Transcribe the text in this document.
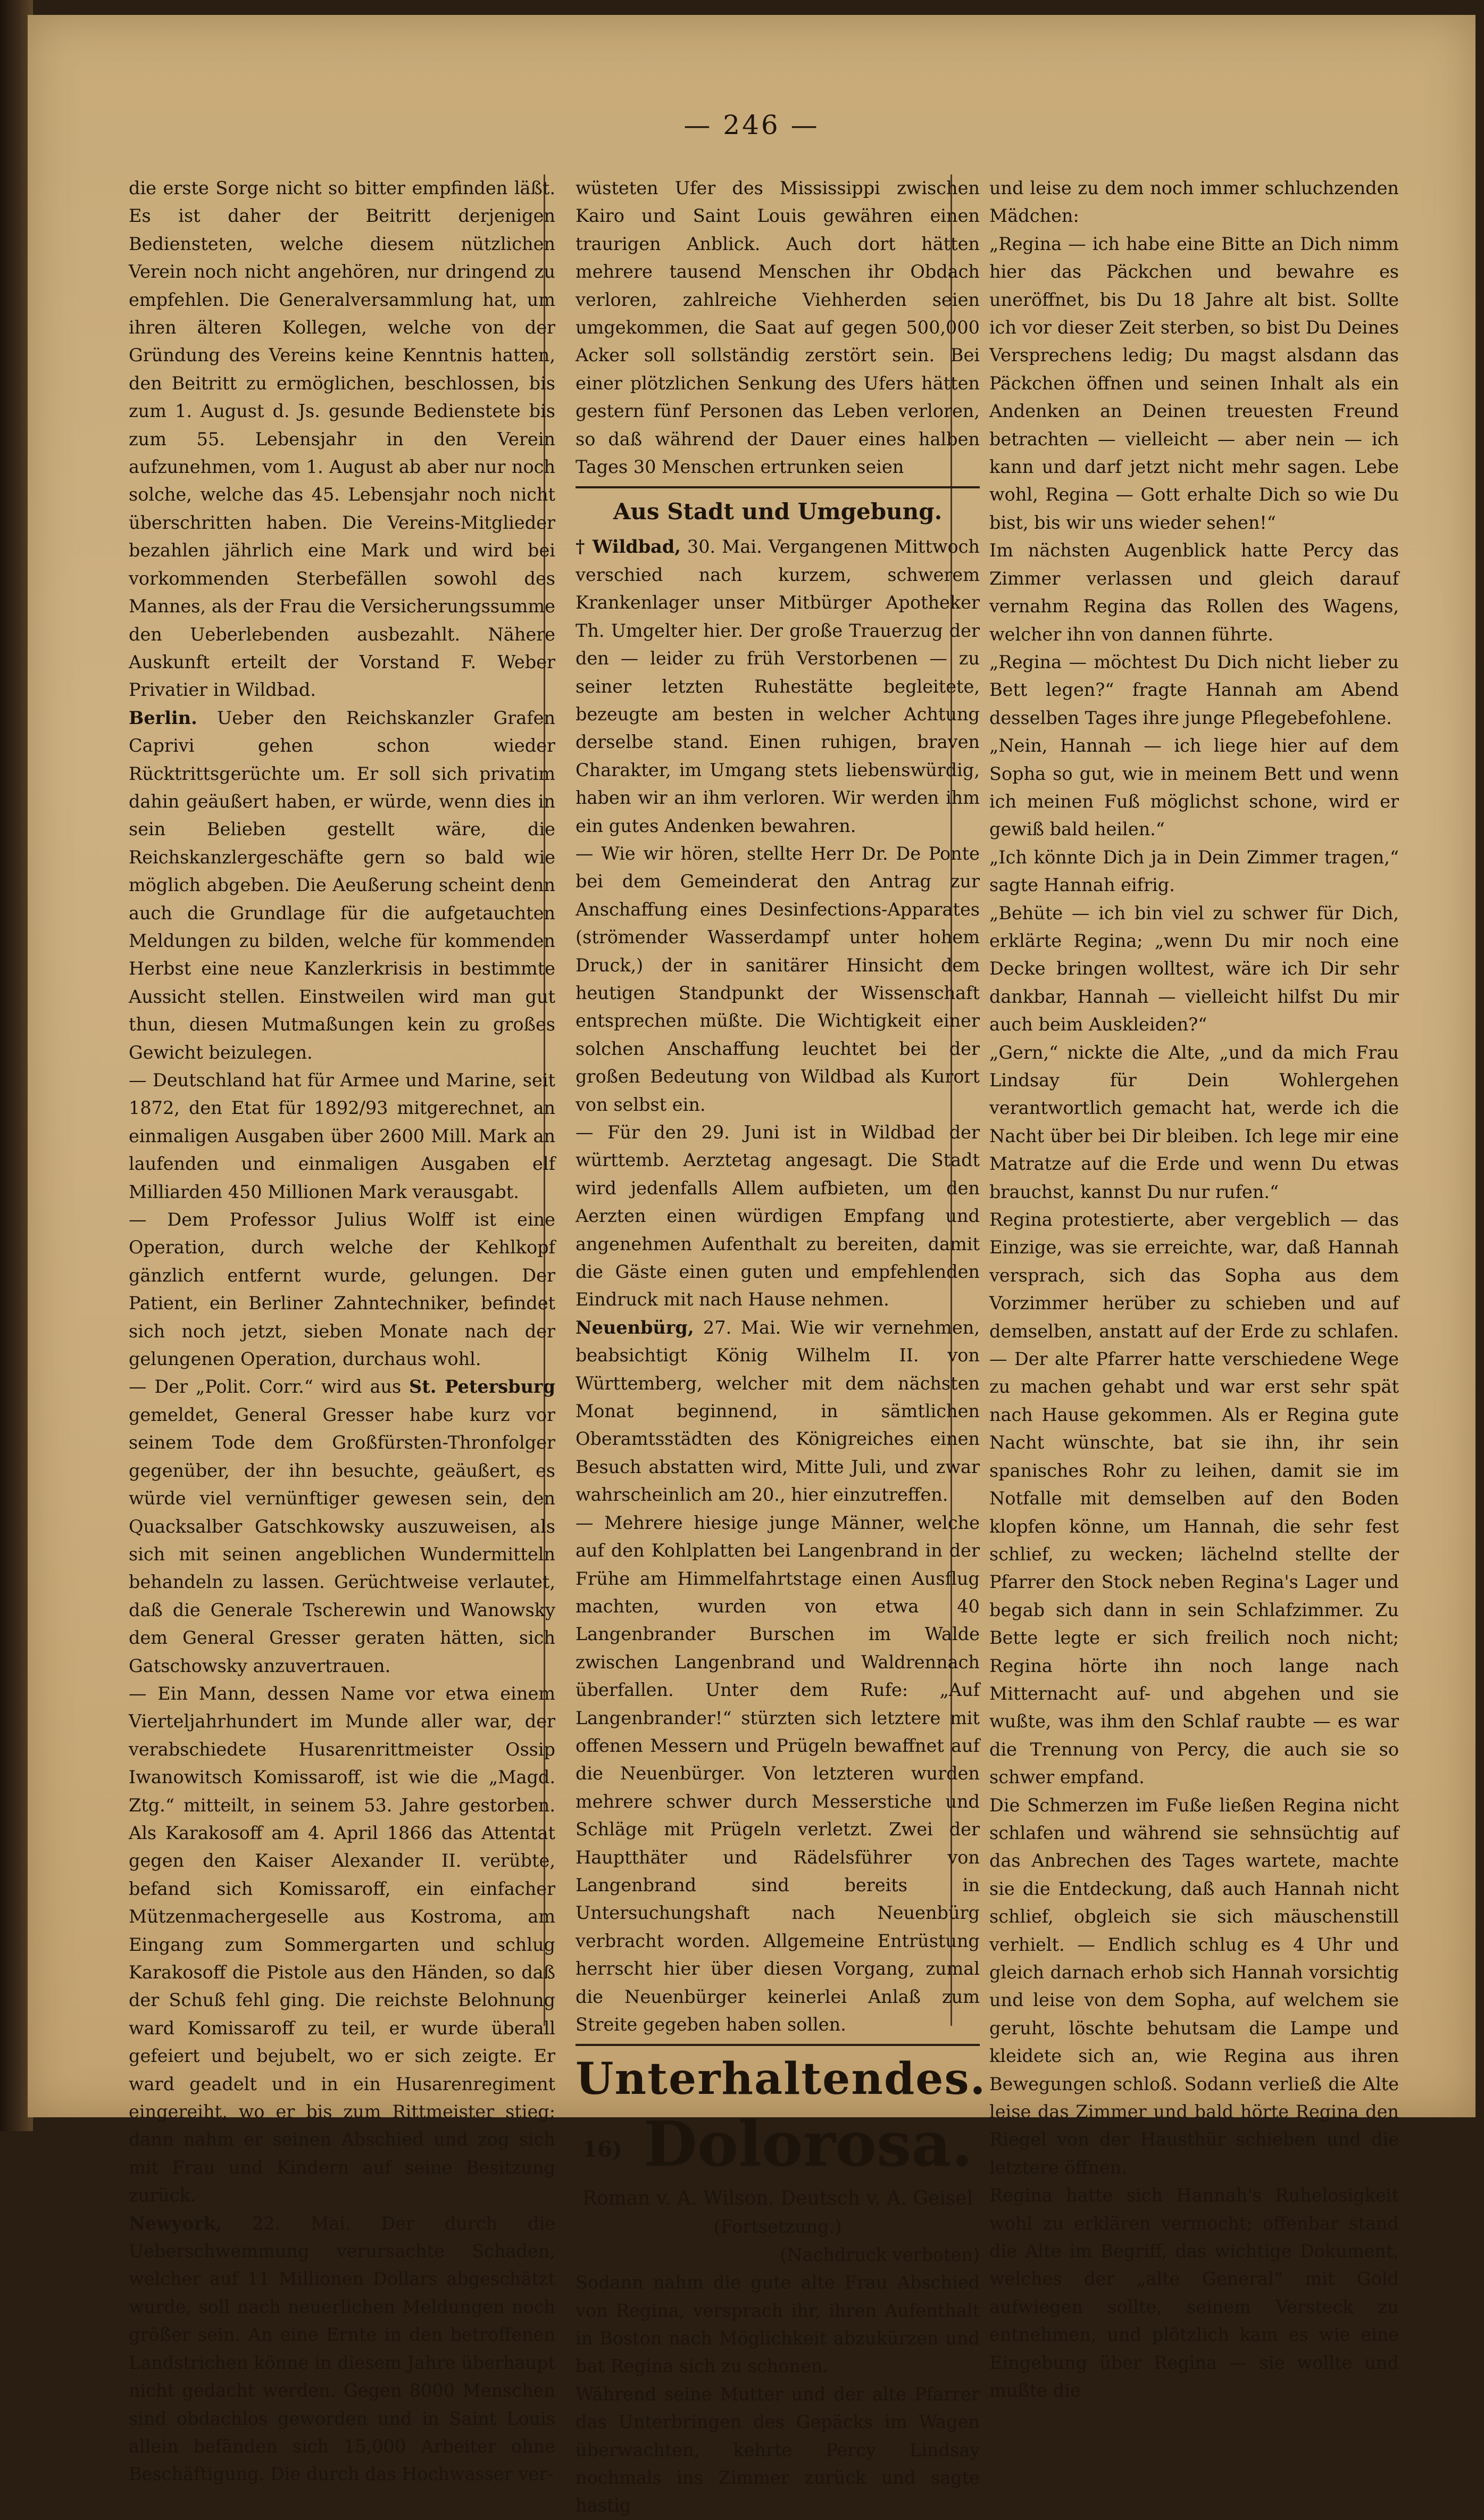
— 246 —

die erste Sorge nicht so bitter empfinden läßt. Es ist daher der Beitritt derjenigen Bediensteten, welche diesem nützlichen Verein noch nicht angehören, nur dringend zu empfehlen. Die Generalversammlung hat, um ihren älteren Kollegen, welche von der Gründung des Vereins keine Kenntnis hatten, den Beitritt zu ermöglichen, beschlossen, bis zum 1. August d. Js. gesunde Bedienstete bis zum 55. Lebensjahr in den Verein aufzunehmen, vom 1. August ab aber nur noch solche, welche das 45. Lebensjahr noch nicht überschritten haben. Die Vereins-Mitglieder bezahlen jährlich eine Mark und wird bei vorkommenden Sterbefällen sowohl des Mannes, als der Frau die Versicherungssumme den Ueberlebenden ausbezahlt. Nähere Auskunft erteilt der Vorstand F. Weber Privatier in Wildbad.

Berlin. Ueber den Reichskanzler Grafen Caprivi gehen schon wieder Rücktrittsgerüchte um. Er soll sich privatim dahin geäußert haben, er würde, wenn dies in sein Belieben gestellt wäre, die Reichskanzlergeschäfte gern so bald wie möglich abgeben. Die Aeußerung scheint denn auch die Grundlage für die aufgetauchten Meldungen zu bilden, welche für kommenden Herbst eine neue Kanzlerkrisis in bestimmte Aussicht stellen. Einstweilen wird man gut thun, diesen Mutmaßungen kein zu großes Gewicht beizulegen.

— Deutschland hat für Armee und Marine, seit 1872, den Etat für 1892/93 mitgerechnet, an einmaligen Ausgaben über 2600 Mill. Mark an laufenden und einmaligen Ausgaben elf Milliarden 450 Millionen Mark verausgabt.

— Dem Professor Julius Wolff ist eine Operation, durch welche der Kehlkopf gänzlich entfernt wurde, gelungen. Der Patient, ein Berliner Zahntechniker, befindet sich noch jetzt, sieben Monate nach der gelungenen Operation, durchaus wohl.

— Der „Polit. Corr.“ wird aus St. Petersburg gemeldet, General Gresser habe kurz vor seinem Tode dem Großfürsten-Thronfolger gegenüber, der ihn besuchte, geäußert, es würde viel vernünftiger gewesen sein, den Quacksalber Gatschkowsky auszuweisen, als sich mit seinen angeblichen Wundermitteln behandeln zu lassen. Gerüchtweise verlautet, daß die Generale Tscherewin und Wanowsky dem General Gresser geraten hätten, sich Gatschowsky anzuvertrauen.

— Ein Mann, dessen Name vor etwa einem Vierteljahrhundert im Munde aller war, der verabschiedete Husarenrittmeister Ossip Iwanowitsch Komissaroff, ist wie die „Magd. Ztg.“ mitteilt, in seinem 53. Jahre gestorben. Als Karakosoff am 4. April 1866 das Attentat gegen den Kaiser Alexander II. verübte, befand sich Komissaroff, ein einfacher Mützenmachergeselle aus Kostroma, am Eingang zum Sommergarten und schlug Karakosoff die Pistole aus den Händen, so daß der Schuß fehl ging. Die reichste Belohnung ward Komissaroff zu teil, er wurde überall gefeiert und bejubelt, wo er sich zeigte. Er ward geadelt und in ein Husarenregiment eingereiht, wo er bis zum Rittmeister stieg; dann nahm er seinen Abschied und zog sich mit Frau und Kindern auf seine Besitzung zurück.

Newyork, 22. Mai. Der durch die Ueberschwemmung verursachte Schaden, welcher auf 11 Millionen Dollars abgeschätzt wurde, soll nach neuerlichen Meldungen noch größer sein. An eine Ernte in den betroffenen Landstrichen könne in diesem Jahre überhaupt nicht gedacht werden. Gegen 8000 Menschen sind obdachlos geworden und in Saint Louis allein befänden sich 15,000 Arbeiter ohne Beschäftigung. Die durch das Hochwasser ver-

wüsteten Ufer des Mississippi zwischen Kairo und Saint Louis gewähren einen traurigen Anblick. Auch dort hätten mehrere tausend Menschen ihr Obdach verloren, zahlreiche Viehherden seien umgekommen, die Saat auf gegen 500,000 Acker soll sollständig zerstört sein. Bei einer plötzlichen Senkung des Ufers hätten gestern fünf Personen das Leben verloren, so daß während der Dauer eines halben Tages 30 Menschen ertrunken seien

Aus Stadt und Umgebung.

† Wildbad, 30. Mai. Vergangenen Mittwoch verschied nach kurzem, schwerem Krankenlager unser Mitbürger Apotheker Th. Umgelter hier. Der große Trauerzug der den — leider zu früh Verstorbenen — zu seiner letzten Ruhestätte begleitete, bezeugte am besten in welcher Achtung derselbe stand. Einen ruhigen, braven Charakter, im Umgang stets liebenswürdig, haben wir an ihm verloren. Wir werden ihm ein gutes Andenken bewahren.

— Wie wir hören, stellte Herr Dr. De Ponte bei dem Gemeinderat den Antrag zur Anschaffung eines Desinfections-Apparates (strömender Wasserdampf unter hohem Druck,) der in sanitärer Hinsicht dem heutigen Standpunkt der Wissenschaft entsprechen müßte. Die Wichtigkeit einer solchen Anschaffung leuchtet bei der großen Bedeutung von Wildbad als Kurort von selbst ein.

— Für den 29. Juni ist in Wildbad der württemb. Aerztetag angesagt. Die Stadt wird jedenfalls Allem aufbieten, um den Aerzten einen würdigen Empfang und angenehmen Aufenthalt zu bereiten, damit die Gäste einen guten und empfehlenden Eindruck mit nach Hause nehmen.

Neuenbürg, 27. Mai. Wie wir vernehmen, beabsichtigt König Wilhelm II. von Württemberg, welcher mit dem nächsten Monat beginnend, in sämtlichen Oberamtsstädten des Königreiches einen Besuch abstatten wird, Mitte Juli, und zwar wahrscheinlich am 20., hier einzutreffen.

— Mehrere hiesige junge Männer, welche auf den Kohlplatten bei Langenbrand in der Frühe am Himmelfahrtstage einen Ausflug machten, wurden von etwa 40 Langenbrander Burschen im Walde zwischen Langenbrand und Waldrennach überfallen. Unter dem Rufe: „Auf Langenbrander!“ stürzten sich letztere mit offenen Messern und Prügeln bewaffnet auf die Neuenbürger. Von letzteren wurden mehrere schwer durch Messerstiche und Schläge mit Prügeln verletzt. Zwei der Hauptthäter und Rädelsführer von Langenbrand sind bereits in Untersuchungshaft nach Neuenbürg verbracht worden. Allgemeine Entrüstung herrscht hier über diesen Vorgang, zumal die Neuenbürger keinerlei Anlaß zum Streite gegeben haben sollen.

Unterhaltendes.
16) Dolorosa.
Roman v. A. Wilson. Deutsch v. A. Geisel
(Fortsetzung.)
(Nachdruck verboten)

Sodann nahm die gute alte Frau Abschied von Regina, versprach ihr, ihren Aufenthalt in Boston nach Möglichkeit abzukürzen und bat Regina sich zu schonen.

Während seine Mutter und der alte Pfarrer das Unterbringen des Gepäcks im Wagen überwachten, kehrte Percy Lindsay nochmals ins Zimmer zurück und sagte hastig

und leise zu dem noch immer schluchzenden Mädchen:

„Regina — ich habe eine Bitte an Dich nimm hier das Päckchen und bewahre es uneröffnet, bis Du 18 Jahre alt bist. Sollte ich vor dieser Zeit sterben, so bist Du Deines Versprechens ledig; Du magst alsdann das Päckchen öffnen und seinen Inhalt als ein Andenken an Deinen treuesten Freund betrachten — vielleicht — aber nein — ich kann und darf jetzt nicht mehr sagen. Lebe wohl, Regina — Gott erhalte Dich so wie Du bist, bis wir uns wieder sehen!“

Im nächsten Augenblick hatte Percy das Zimmer verlassen und gleich darauf vernahm Regina das Rollen des Wagens, welcher ihn von dannen führte.

„Regina — möchtest Du Dich nicht lieber zu Bett legen?“ fragte Hannah am Abend desselben Tages ihre junge Pflegebefohlene.

„Nein, Hannah — ich liege hier auf dem Sopha so gut, wie in meinem Bett und wenn ich meinen Fuß möglichst schone, wird er gewiß bald heilen.“

„Ich könnte Dich ja in Dein Zimmer tragen,“ sagte Hannah eifrig.

„Behüte — ich bin viel zu schwer für Dich, erklärte Regina; „wenn Du mir noch eine Decke bringen wolltest, wäre ich Dir sehr dankbar, Hannah — vielleicht hilfst Du mir auch beim Auskleiden?“

„Gern,“ nickte die Alte, „und da mich Frau Lindsay für Dein Wohlergehen verantwortlich gemacht hat, werde ich die Nacht über bei Dir bleiben. Ich lege mir eine Matratze auf die Erde und wenn Du etwas brauchst, kannst Du nur rufen.“

Regina protestierte, aber vergeblich — das Einzige, was sie erreichte, war, daß Hannah versprach, sich das Sopha aus dem Vorzimmer herüber zu schieben und auf demselben, anstatt auf der Erde zu schlafen. — Der alte Pfarrer hatte verschiedene Wege zu machen gehabt und war erst sehr spät nach Hause gekommen. Als er Regina gute Nacht wünschte, bat sie ihn, ihr sein spanisches Rohr zu leihen, damit sie im Notfalle mit demselben auf den Boden klopfen könne, um Hannah, die sehr fest schlief, zu wecken; lächelnd stellte der Pfarrer den Stock neben Regina's Lager und begab sich dann in sein Schlafzimmer. Zu Bette legte er sich freilich noch nicht; Regina hörte ihn noch lange nach Mitternacht auf- und abgehen und sie wußte, was ihm den Schlaf raubte — es war die Trennung von Percy, die auch sie so schwer empfand.

Die Schmerzen im Fuße ließen Regina nicht schlafen und während sie sehnsüchtig auf das Anbrechen des Tages wartete, machte sie die Entdeckung, daß auch Hannah nicht schlief, obgleich sie sich mäuschenstill verhielt. — Endlich schlug es 4 Uhr und gleich darnach erhob sich Hannah vorsichtig und leise von dem Sopha, auf welchem sie geruht, löschte behutsam die Lampe und kleidete sich an, wie Regina aus ihren Bewegungen schloß. Sodann verließ die Alte leise das Zimmer und bald hörte Regina den Riegel von der Hausthür schieben und die letztere öffnen.

Regina hatte sich Hannah's Ruhelosigkeit wohl zu erklären vermocht; offenbar stand die Alte im Begriff, das wichtige Dokument, welches der „alte General“ mit Gold aufwiegen sollte, seinem Versteck zu entnehmen, und plötzlich kam es wie eine Eingebung über Regina — sie wollte und mußte die
